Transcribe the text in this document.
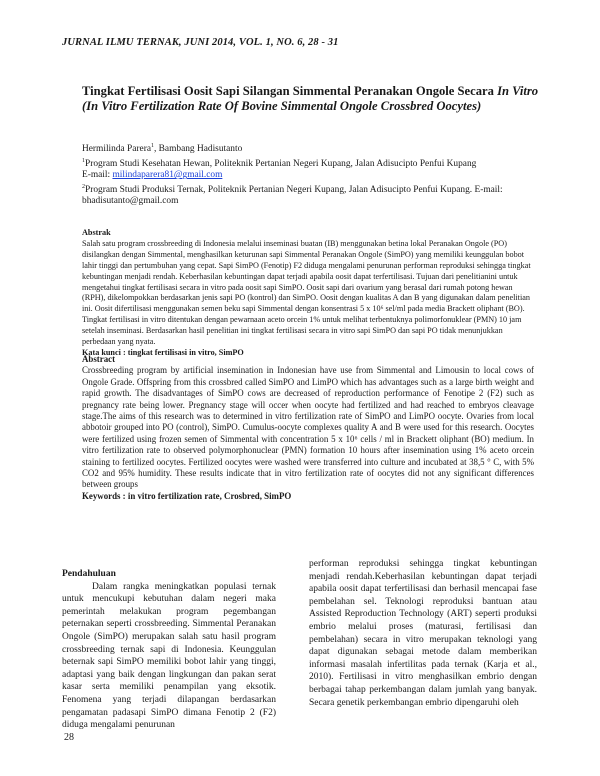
JURNAL ILMU TERNAK, JUNI 2014, VOL. 1, NO. 6, 28 - 31
Tingkat Fertilisasi Oosit Sapi Silangan Simmental Peranakan Ongole Secara In Vitro
(In Vitro Fertilization Rate Of Bovine Simmental Ongole Crossbred Oocytes)
Hermilinda Parera$^1$, Bambang Hadisutanto
$^1$Program Studi Kesehatan Hewan, Politeknik Pertanian Negeri Kupang, Jalan Adisucipto Penfui Kupang
E-mail: milindaparera81@gmail.com
$^2$Program Studi Produksi Ternak, Politeknik Pertanian Negeri Kupang, Jalan Adisucipto Penfui Kupang. E-mail: bhadisutanto@gmail.com

Abstrak

Salah satu program crossbreeding di Indonesia melalui inseminasi buatan (IB) menggunakan betina lokal Peranakan Ongole (PO) disilangkan dengan Simmental, menghasilkan keturunan sapi Simmental Peranakan Ongole (SimPO) yang memiliki keunggulan bobot lahir tinggi dan pertumbuhan yang cepat. Sapi SimPO (Fenotip) F2 diduga mengalami penurunan performan reproduksi sehingga tingkat kebuntingan menjadi rendah. Keberhasilan kebuntingan dapat terjadi apabila oosit dapat terfertilisasi. Tujuan dari penelitianini untuk mengetahui tingkat fertilisasi secara in vitro pada oosit sapi SimPO. Oosit sapi dari ovarium yang berasal dari rumah potong hewan (RPH), dikelompokkan berdasarkan jenis sapi PO (kontrol) dan SimPO. Oosit dengan kualitas A dan B yang digunakan dalam penelitian ini. Oosit difertilisasi menggunakan semen beku sapi Simmental dengan konsentrasi 5 x 10⁶ sel/ml pada media Brackett oliphant (BO). Tingkat fertilisasi in vitro ditentukan dengan pewarnaan aceto orcein 1% untuk melihat terbentuknya polimorfonuklear (PMN) 10 jam setelah inseminasi. Berdasarkan hasil penelitian ini tingkat fertilisasi secara in vitro sapi SimPO dan sapi PO tidak menunjukkan perbedaan yang nyata.

Kata kunci : tingkat fertilisasi in vitro, SimPO

Abstract

Crossbreeding program by artificial insemination in Indonesian have use from Simmental and Limousin to local cows of Ongole Grade. Offspring from this crossbred called SimPO and LimPO which has advantages such as a large birth weight and rapid growth. The disadvantages of SimPO cows are decreased of reproduction performance of Fenotipe 2 (F2) such as pregnancy rate being lower. Pregnancy stage will occer when oocyte had fertilized and had reached to embryos cleavage stage.The aims of this research was to determined in vitro fertilization rate of SimPO and LimPO oocyte. Ovaries from local abbotoir grouped into PO (control), SimPO. Cumulus-oocyte complexes quality A and B were used for this research. Oocytes were fertilized using frozen semen of Simmental with concentration 5 x 10⁶ cells / ml in Brackett oliphant (BO) medium. In vitro fertilization rate to observed polymorphonuclear (PMN) formation 10 hours after insemination using 1% aceto orcein staining to fertilized oocytes. Fertilized oocytes were washed were transferred into culture and incubated at 38,5 ° C, with 5% CO2 and 95% humidity. These results indicate that in vitro fertilization rate of oocytes did not any significant differences between groups

Keywords : in vitro fertilization rate, Crosbred, SimPO

Pendahuluan

Dalam rangka meningkatkan populasi ternak untuk mencukupi kebutuhan dalam negeri maka pemerintah melakukan program pegembangan peternakan seperti crossbreeding. Simmental Peranakan Ongole (SimPO) merupakan salah satu hasil program crossbreeding ternak sapi di Indonesia. Keunggulan beternak sapi SimPO memiliki bobot lahir yang tinggi, adaptasi yang baik dengan lingkungan dan pakan serat kasar serta memiliki penampilan yang eksotik. Fenomena yang terjadi dilapangan berdasarkan pengamatan padasapi SimPO dimana Fenotip 2 (F2) diduga mengalami penurunan

performan reproduksi sehingga tingkat kebuntingan menjadi rendah.Keberhasilan kebuntingan dapat terjadi apabila oosit dapat terfertilisasi dan berhasil mencapai fase pembelahan sel. Teknologi reproduksi bantuan atau Assisted Reproduction Technology (ART) seperti produksi embrio melalui proses (maturasi, fertilisasi dan pembelahan) secara in vitro merupakan teknologi yang dapat digunakan sebagai metode dalam memberikan informasi masalah infertilitas pada ternak (Karja et al., 2010). Fertilisasi in vitro menghasilkan embrio dengan berbagai tahap perkembangan dalam jumlah yang banyak. Secara genetik perkembangan embrio dipengaruhi oleh

28
